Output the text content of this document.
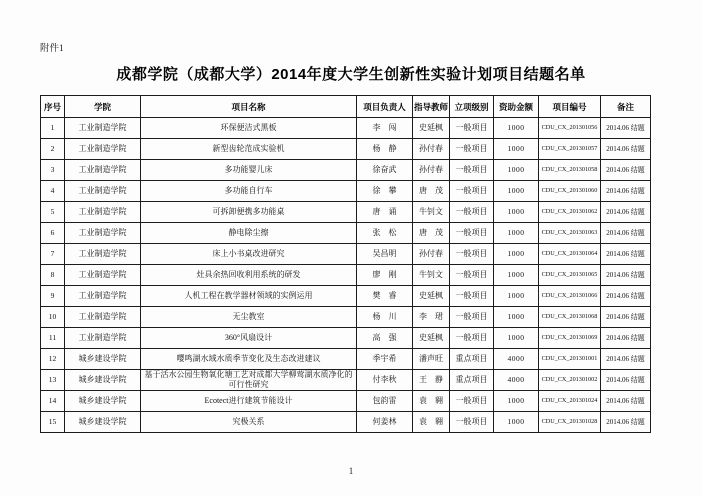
附件1
成都学院（成都大学）2014年度大学生创新性实验计划项目结题名单
序号	学院	项目名称	项目负责人	指导教师	立项级别	资助金额	项目编号	备注
1	工业制造学院	环保便洁式黑板	李　闯	史延枫	一般项目	1000	CDU_CX_201301056	2014.06 结题
2	工业制造学院	新型齿轮范成实验机	杨　静	孙付春	一般项目	1000	CDU_CX_201301057	2014.06 结题
3	工业制造学院	多功能婴儿床	徐奋武	孙付春	一般项目	1000	CDU_CX_201301058	2014.06 结题
4	工业制造学院	多功能自行车	徐　攀	唐　茂	一般项目	1000	CDU_CX_201301060	2014.06 结题
5	工业制造学院	可拆卸便携多功能桌	唐　诵	牛钊文	一般项目	1000	CDU_CX_201301062	2014.06 结题
6	工业制造学院	静电除尘擦	张　松	唐　茂	一般项目	1000	CDU_CX_201301063	2014.06 结题
7	工业制造学院	床上小书桌改进研究	吴昌明	孙付春	一般项目	1000	CDU_CX_201301064	2014.06 结题
8	工业制造学院	灶具余热回收利用系统的研发	廖　刚	牛钊文	一般项目	1000	CDU_CX_201301065	2014.06 结题
9	工业制造学院	人机工程在教学器材领域的实例运用	樊　睿	史延枫	一般项目	1000	CDU_CX_201301066	2014.06 结题
10	工业制造学院	无尘教室	杨　川	李　珺	一般项目	1000	CDU_CX_201301068	2014.06 结题
11	工业制造学院	360°风扇设计	高　强	史延枫	一般项目	1000	CDU_CX_201301069	2014.06 结题
12	城乡建设学院	嘤鸣湖水域水质季节变化及生态改进建议	季宇希	潘声旺	重点项目	4000	CDU_CX_201301001	2014.06 结题
13	城乡建设学院	基于活水公园生物氧化塘工艺对成都大学柳莺湖水质净化的可行性研究	付李秋	王　静	重点项目	4000	CDU_CX_201301002	2014.06 结题
14	城乡建设学院	Ecotect进行建筑节能设计	包韵雷	袁　翱	一般项目	1000	CDU_CX_201301024	2014.06 结题
15	城乡建设学院	究极关系	何姜林	袁　翱	一般项目	1000	CDU_CX_201301028	2014.06 结题
1
